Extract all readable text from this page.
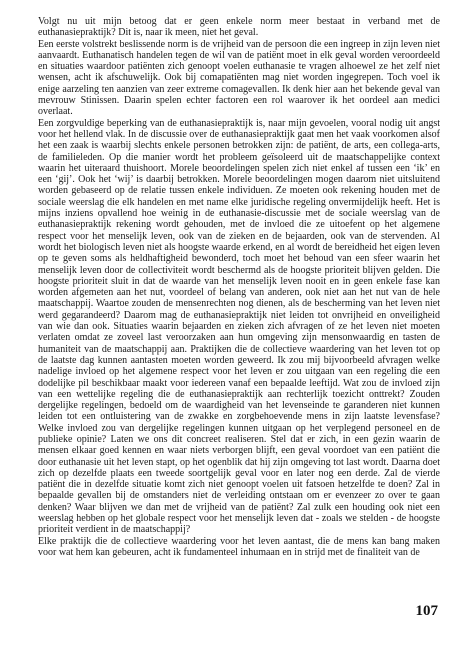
Volgt nu uit mijn betoog dat er geen enkele norm meer bestaat in verband met de euthanasiepraktijk? Dit is, naar ik meen, niet het geval.

Een eerste volstrekt beslissende norm is de vrijheid van de persoon die een ingreep in zijn leven niet aanvaardt. Euthanatisch handelen tegen de wil van de patiënt moet in elk geval worden veroordeeld en situaties waardoor patiënten zich genoopt voelen euthanasie te vragen alhoewel ze het zelf niet wensen, acht ik afschuwelijk. Ook bij comapatiënten mag niet worden ingegrepen. Toch voel ik enige aarzeling ten aanzien van zeer extreme comagevallen. Ik denk hier aan het bekende geval van mevrouw Stinissen. Daarin spelen echter factoren een rol waarover ik het oordeel aan medici overlaat.

Een zorgvuldige beperking van de euthanasiepraktijk is, naar mijn gevoelen, vooral nodig uit angst voor het hellend vlak. In de discussie over de euthanasiepraktijk gaat men het vaak voorkomen alsof het een zaak is waarbij slechts enkele personen betrokken zijn: de patiënt, de arts, een collega-arts, de familieleden. Op die manier wordt het probleem geïsoleerd uit de maatschappelijke context waarin het uiteraard thuishoort. Morele beoordelingen spelen zich niet enkel af tussen een ‘ik’ en een ‘gij’. Ook het ‘wij’ is daarbij betrokken. Morele beoordelingen mogen daarom niet uitsluitend worden gebaseerd op de relatie tussen enkele individuen. Ze moeten ook rekening houden met de sociale weerslag die elk handelen en met name elke juridische regeling onvermijdelijk heeft. Het is mijns inziens opvallend hoe weinig in de euthanasie-discussie met de sociale weerslag van de euthanasiepraktijk rekening wordt gehouden, met de invloed die ze uitoefent op het algemene respect voor het menselijk leven, ook van de zieken en de bejaarden, ook van de stervenden. Al wordt het biologisch leven niet als hoogste waarde erkend, en al wordt de bereidheid het eigen leven op te geven soms als heldhaftigheid bewonderd, toch moet het behoud van een sfeer waarin het menselijk leven door de collectiviteit wordt beschermd als de hoogste prioriteit blijven gelden. Die hoogste prioriteit sluit in dat de waarde van het menselijk leven nooit en in geen enkele fase kan worden afgemeten aan het nut, voordeel of belang van anderen, ook niet aan het nut van de hele maatschappij. Waartoe zouden de mensenrechten nog dienen, als de bescherming van het leven niet werd gegarandeerd? Daarom mag de euthanasiepraktijk niet leiden tot onvrijheid en onveiligheid van wie dan ook. Situaties waarin bejaarden en zieken zich afvragen of ze het leven niet moeten verlaten omdat ze zoveel last veroorzaken aan hun omgeving zijn mensonwaardig en tasten de humaniteit van de maatschappij aan. Praktijken die de collectieve waardering van het leven tot op de laatste dag kunnen aantasten moeten worden geweerd. Ik zou mij bijvoorbeeld afvragen welke nadelige invloed op het algemene respect voor het leven er zou uitgaan van een regeling die een dodelijke pil beschikbaar maakt voor iedereen vanaf een bepaalde leeftijd. Wat zou de invloed zijn van een wettelijke regeling die de euthanasiepraktijk aan rechterlijk toezicht onttrekt? Zouden dergelijke regelingen, bedoeld om de waardigheid van het levenseinde te garanderen niet kunnen leiden tot een ontluistering van de zwakke en zorgbehoevende mens in zijn laatste levensfase? Welke invloed zou van dergelijke regelingen kunnen uitgaan op het verplegend personeel en de publieke opinie? Laten we ons dit concreet realiseren. Stel dat er zich, in een gezin waarin de mensen elkaar goed kennen en waar niets verborgen blijft, een geval voordoet van een patiënt die door euthanasie uit het leven stapt, op het ogenblik dat hij zijn omgeving tot last wordt. Daarna doet zich op dezelfde plaats een tweede soortgelijk geval voor en later nog een derde. Zal de vierde patiënt die in dezelfde situatie komt zich niet genoopt voelen uit fatsoen hetzelfde te doen? Zal in bepaalde gevallen bij de omstanders niet de verleiding ontstaan om er evenzeer zo over te gaan denken? Waar blijven we dan met de vrijheid van de patiënt? Zal zulk een houding ook niet een weerslag hebben op het globale respect voor het menselijk leven dat - zoals we stelden - de hoogste prioriteit verdient in de maatschappij?

Elke praktijk die de collectieve waardering voor het leven aantast, die de mens kan bang maken voor wat hem kan gebeuren, acht ik fundamenteel inhumaan en in strijd met de finaliteit van de

107
